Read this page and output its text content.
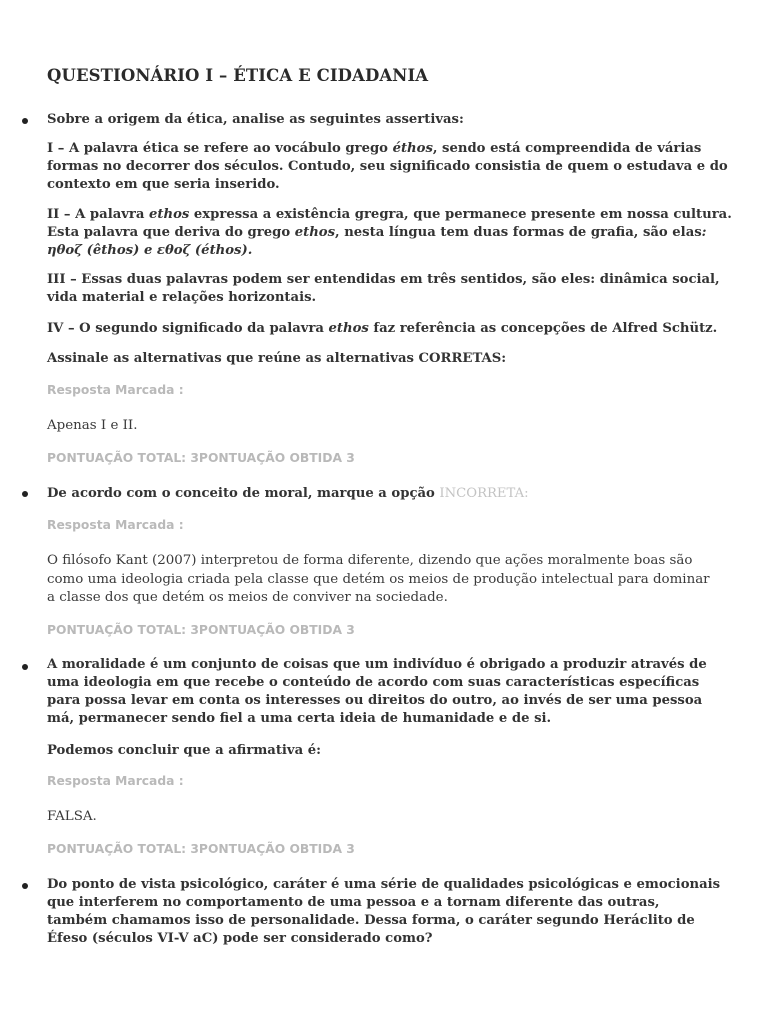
QUESTIONÁRIO I – ÉTICA E CIDADANIA
Sobre a origem da ética, analise as seguintes assertivas:
I – A palavra ética se refere ao vocábulo grego éthos, sendo está compreendida de várias formas no decorrer dos séculos. Contudo, seu significado consistia de quem o estudava e do contexto em que seria inserido.
II – A palavra ethos expressa a existência gregra, que permanece presente em nossa cultura. Esta palavra que deriva do grego ethos, nesta língua tem duas formas de grafia, são elas: ηθοζ (êthos) e εθοζ (éthos).
III – Essas duas palavras podem ser entendidas em três sentidos, são eles: dinâmica social, vida material e relações horizontais.
IV – O segundo significado da palavra ethos faz referência as concepções de Alfred Schütz.
Assinale as alternativas que reúne as alternativas CORRETAS:
Resposta Marcada :
Apenas I e II.
PONTUAÇÃO TOTAL: 3PONTUAÇÃO OBTIDA 3
De acordo com o conceito de moral, marque a opção INCORRETA:
Resposta Marcada :
O filósofo Kant (2007) interpretou de forma diferente, dizendo que ações moralmente boas são como uma ideologia criada pela classe que detém os meios de produção intelectual para dominar a classe dos que detém os meios de conviver na sociedade.
PONTUAÇÃO TOTAL: 3PONTUAÇÃO OBTIDA 3
A moralidade é um conjunto de coisas que um indivíduo é obrigado a produzir através de uma ideologia em que recebe o conteúdo de acordo com suas características específicas para possa levar em conta os interesses ou direitos do outro, ao invés de ser uma pessoa má, permanecer sendo fiel a uma certa ideia de humanidade e de si.
Podemos concluir que a afirmativa é:
Resposta Marcada :
FALSA.
PONTUAÇÃO TOTAL: 3PONTUAÇÃO OBTIDA 3
Do ponto de vista psicológico, caráter é uma série de qualidades psicológicas e emocionais que interferem no comportamento de uma pessoa e a tornam diferente das outras, também chamamos isso de personalidade. Dessa forma, o caráter segundo Heráclito de Éfeso (séculos VI-V aC) pode ser considerado como?
